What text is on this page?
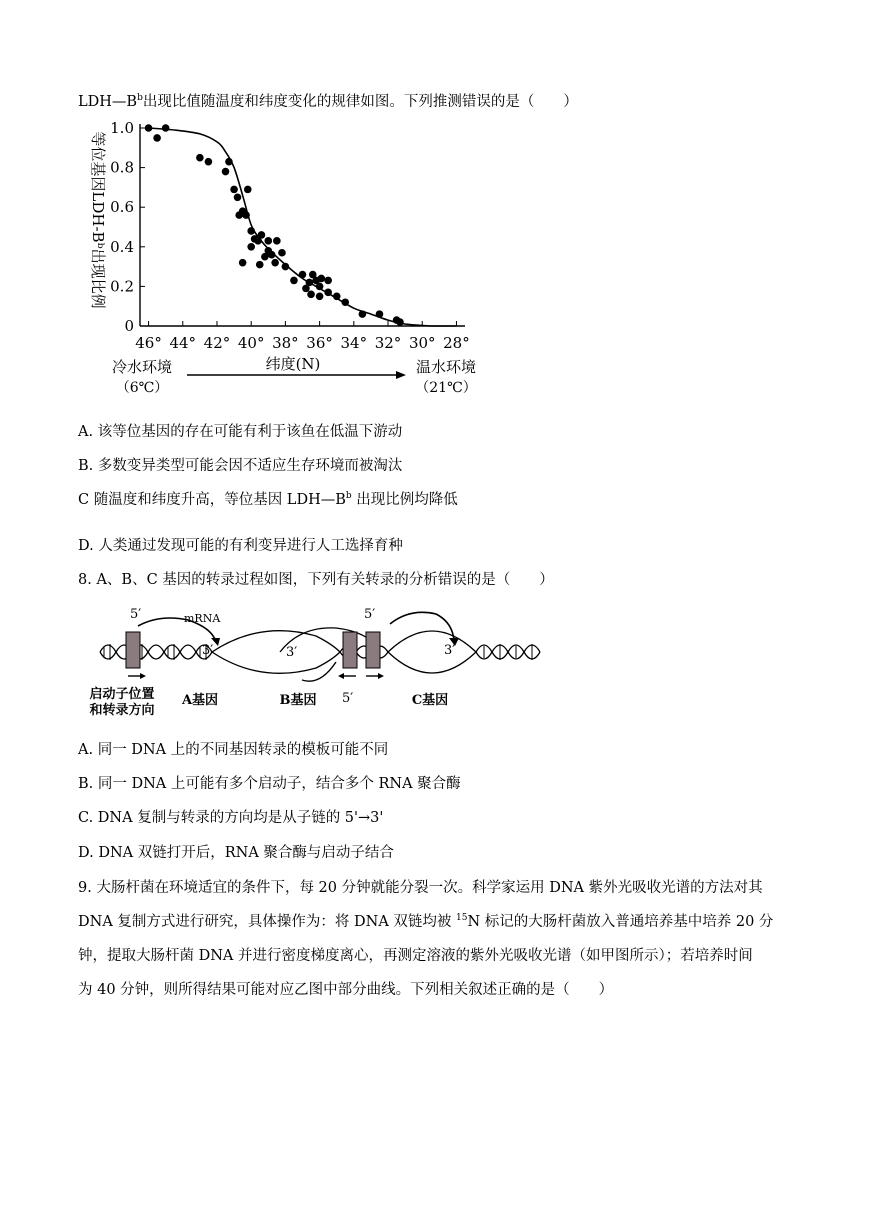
$LDH—B^b$出现比值随温度和纬度变化的规律如图。下列推测错误的是（　　）
等位基因LDH-Bᵇ出现比例
0
0.2
0.4
0.6
0.8
1.0
46° 44° 42° 40° 38° 36° 34° 32° 30° 28°
纬度(N)
冷水环境
（6℃）
温水环境
（21℃）
A. 该等位基因的存在可能有利于该鱼在低温下游动
B. 多数变异类型可能会因不适应生存环境而被淘汰
C 随温度和纬度升高，等位基因 $LDH—B^b$ 出现比例均降低
D. 人类通过发现可能的有利变异进行人工选择育种
8. A、B、C 基因的转录过程如图，下列有关转录的分析错误的是（　　）
5′	mRNA
3′	3′
5′
5′
3′
启动子位置
和转录方向
A基因	B基因	C基因
A. 同一 DNA 上的不同基因转录的模板可能不同
B. 同一 DNA 上可能有多个启动子，结合多个 RNA 聚合酶
C. DNA 复制与转录的方向均是从子链的 5'→3'
D. DNA 双链打开后，RNA 聚合酶与启动子结合
9. 大肠杆菌在环境适宜的条件下，每 20 分钟就能分裂一次。科学家运用 DNA 紫外光吸收光谱的方法对其
DNA 复制方式进行研究，具体操作为：将 DNA 双链均被 $^{15}$N 标记的大肠杆菌放入普通培养基中培养 20 分
钟，提取大肠杆菌 DNA 并进行密度梯度离心，再测定溶液的紫外光吸收光谱（如甲图所示）；若培养时间
为 40 分钟，则所得结果可能对应乙图中部分曲线。下列相关叙述正确的是（　　）
